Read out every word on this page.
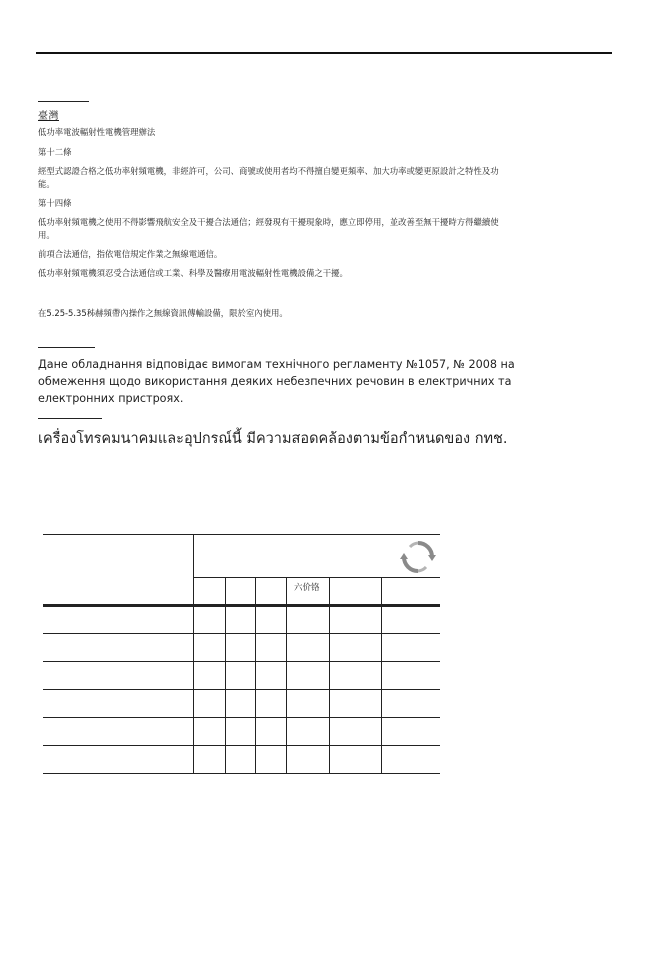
臺灣
低功率電波輻射性電機管理辦法
第十二條
經型式認證合格之低功率射頻電機，非經許可，公司、商號或使用者均不得擅自變更頻率、加大功率或變更原設計之特性及功
能。
第十四條
低功率射頻電機之使用不得影響飛航安全及干擾合法通信；經發現有干擾現象時，應立即停用，並改善至無干擾時方得繼續使
用。
前項合法通信，指依電信規定作業之無線電通信。
低功率射頻電機須忍受合法通信或工業、科學及醫療用電波輻射性電機設備之干擾。
在5.25-5.35秭赫頻帶內操作之無線資訊傳輸設備，限於室內使用。
Дане обладнання відповідає вимогам технічного регламенту №1057, № 2008 на обмеження щодо використання деяких небезпечних речовин в електричних та електронних пристроях.
เครื่องโทรคมนาคมและอุปกรณ์นี้ มีความสอดคล้องตามข้อกำหนดของ กทช.
六价铬
